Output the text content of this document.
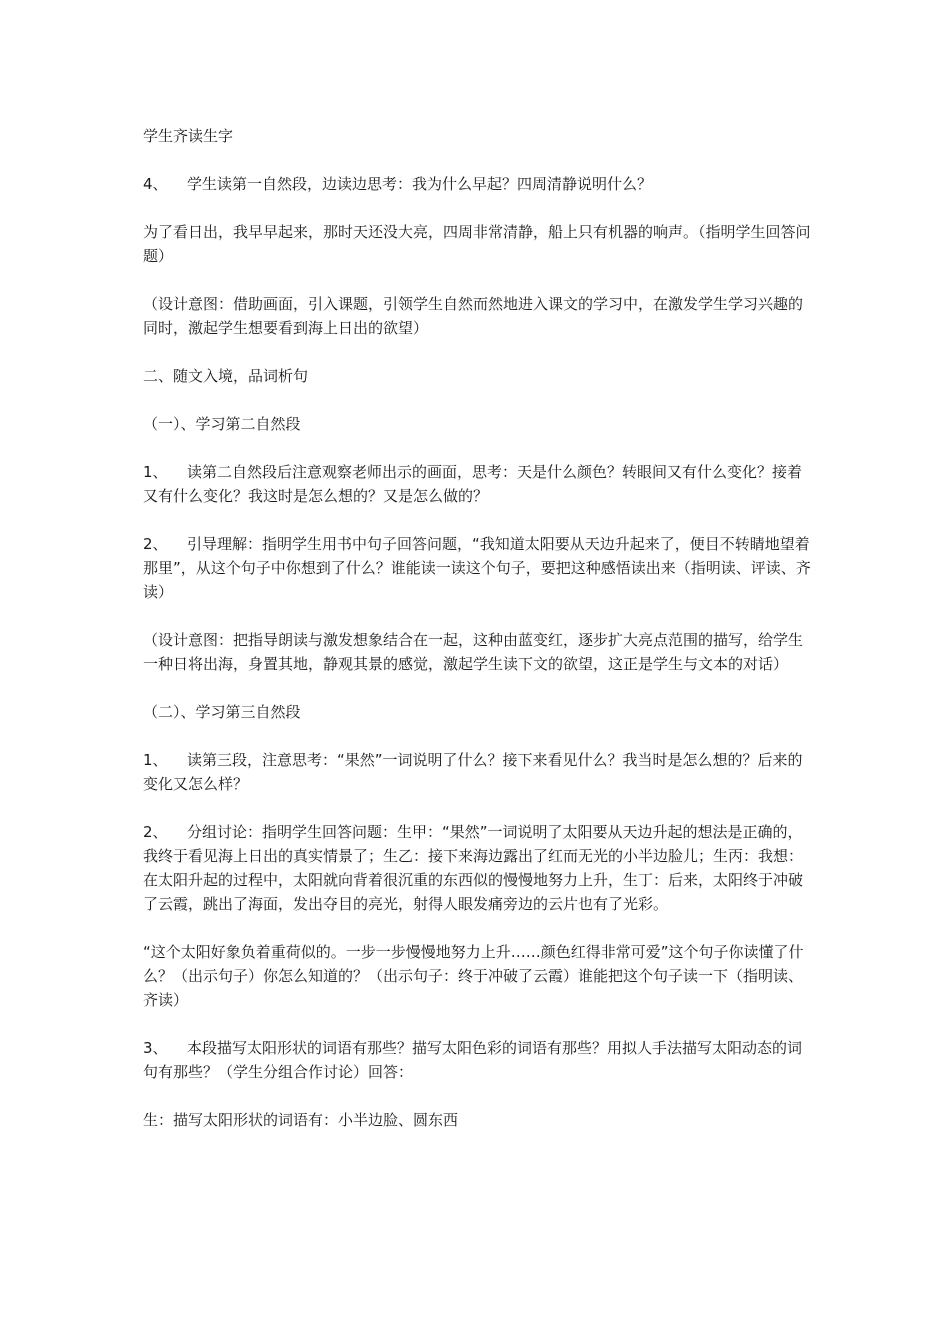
学生齐读生字

4、 学生读第一自然段，边读边思考：我为什么早起？四周清静说明什么？

为了看日出，我早早起来，那时天还没大亮，四周非常清静，船上只有机器的响声。（指明学生回答问题）

（设计意图：借助画面，引入课题，引领学生自然而然地进入课文的学习中，在激发学生学习兴趣的同时，激起学生想要看到海上日出的欲望）

二、随文入境，品词析句

（一）、学习第二自然段

1、 读第二自然段后注意观察老师出示的画面，思考：天是什么颜色？转眼间又有什么变化？接着又有什么变化？我这时是怎么想的？又是怎么做的？

2、 引导理解：指明学生用书中句子回答问题，“我知道太阳要从天边升起来了，便目不转睛地望着那里”，从这个句子中你想到了什么？谁能读一读这个句子，要把这种感悟读出来（指明读、评读、齐读）

（设计意图：把指导朗读与激发想象结合在一起，这种由蓝变红，逐步扩大亮点范围的描写，给学生一种日将出海，身置其地，静观其景的感觉，激起学生读下文的欲望，这正是学生与文本的对话）

（二）、学习第三自然段

1、 读第三段，注意思考：“果然”一词说明了什么？接下来看见什么？我当时是怎么想的？后来的变化又怎么样？

2、 分组讨论：指明学生回答问题：生甲：“果然”一词说明了太阳要从天边升起的想法是正确的，我终于看见海上日出的真实情景了；生乙：接下来海边露出了红而无光的小半边脸儿；生丙：我想：在太阳升起的过程中，太阳就向背着很沉重的东西似的慢慢地努力上升，生丁：后来，太阳终于冲破了云霞，跳出了海面，发出夺目的亮光，射得人眼发痛旁边的云片也有了光彩。

“这个太阳好象负着重荷似的。一步一步慢慢地努力上升……颜色红得非常可爱”这个句子你读懂了什么？（出示句子）你怎么知道的？（出示句子：终于冲破了云霞）谁能把这个句子读一下（指明读、齐读）

3、 本段描写太阳形状的词语有那些？描写太阳色彩的词语有那些？用拟人手法描写太阳动态的词句有那些？（学生分组合作讨论）回答：

生：描写太阳形状的词语有：小半边脸、圆东西
